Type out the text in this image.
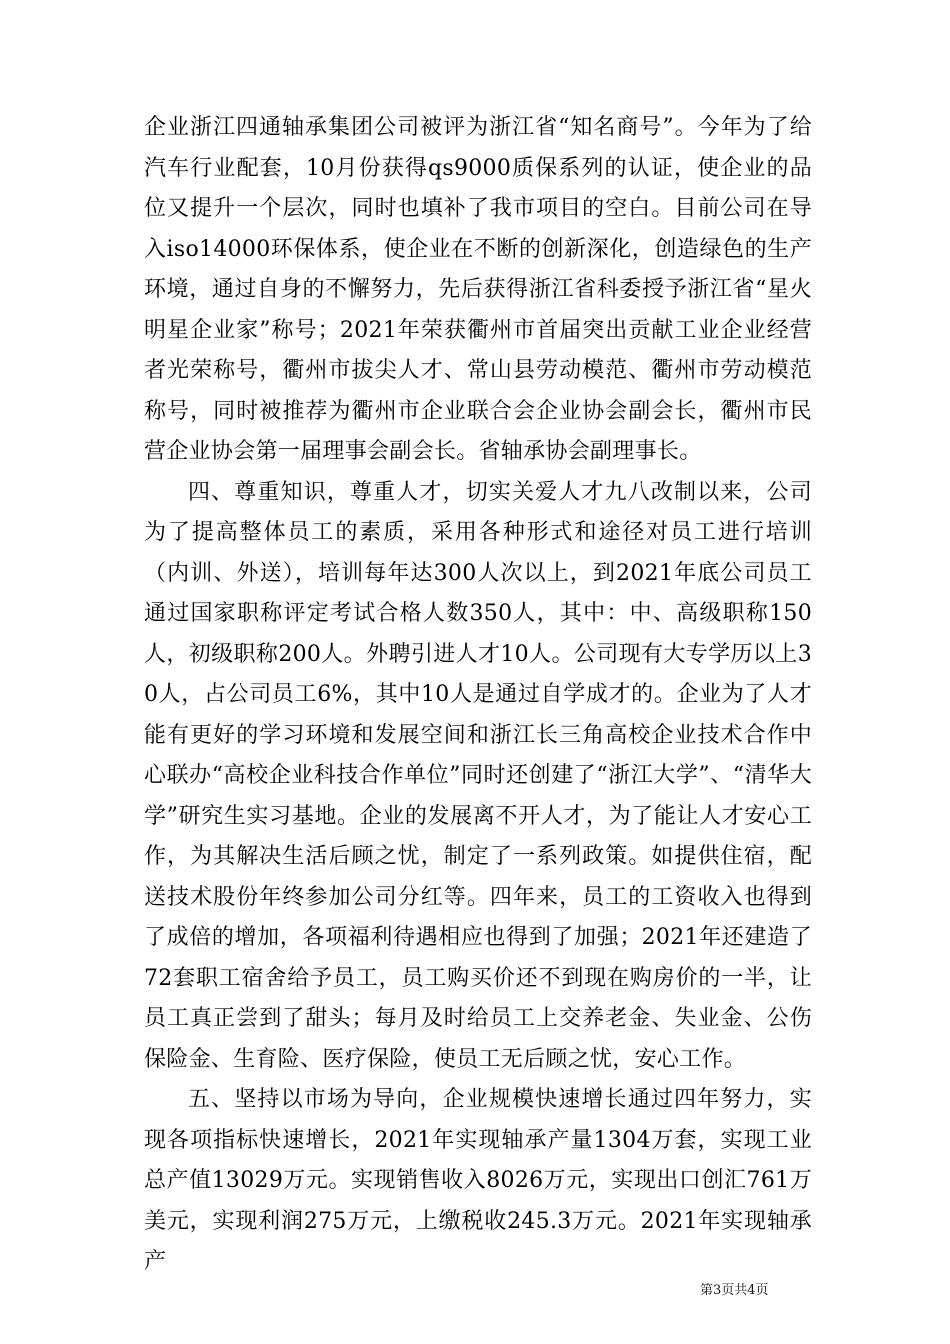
企业浙江四通轴承集团公司被评为浙江省“知名商号”。今年为了给汽车行业配套，10月份获得qs9000质保系列的认证，使企业的品位又提升一个层次，同时也填补了我市项目的空白。目前公司在导入iso14000环保体系，使企业在不断的创新深化，创造绿色的生产环境，通过自身的不懈努力，先后获得浙江省科委授予浙江省“星火明星企业家”称号；2021年荣获衢州市首届突出贡献工业企业经营者光荣称号，衢州市拔尖人才、常山县劳动模范、衢州市劳动模范称号，同时被推荐为衢州市企业联合会企业协会副会长，衢州市民营企业协会第一届理事会副会长。省轴承协会副理事长。

四、尊重知识，尊重人才，切实关爱人才九八改制以来，公司为了提高整体员工的素质，采用各种形式和途径对员工进行培训（内训、外送），培训每年达300人次以上，到2021年底公司员工通过国家职称评定考试合格人数350人，其中：中、高级职称150人，初级职称200人。外聘引进人才10人。公司现有大专学历以上30人，占公司员工6%，其中10人是通过自学成才的。企业为了人才能有更好的学习环境和发展空间和浙江长三角高校企业技术合作中心联办“高校企业科技合作单位”同时还创建了“浙江大学”、“清华大学”研究生实习基地。企业的发展离不开人才，为了能让人才安心工作，为其解决生活后顾之忧，制定了一系列政策。如提供住宿，配送技术股份年终参加公司分红等。四年来，员工的工资收入也得到了成倍的增加，各项福利待遇相应也得到了加强；2021年还建造了72套职工宿舍给予员工，员工购买价还不到现在购房价的一半，让员工真正尝到了甜头；每月及时给员工上交养老金、失业金、公伤保险金、生育险、医疗保险，使员工无后顾之忧，安心工作。

五、坚持以市场为导向，企业规模快速增长通过四年努力，实现各项指标快速增长，2021年实现轴承产量1304万套，实现工业总产值13029万元。实现销售收入8026万元，实现出口创汇761万美元，实现利润275万元，上缴税收245.3万元。2021年实现轴承产

第3页共4页
